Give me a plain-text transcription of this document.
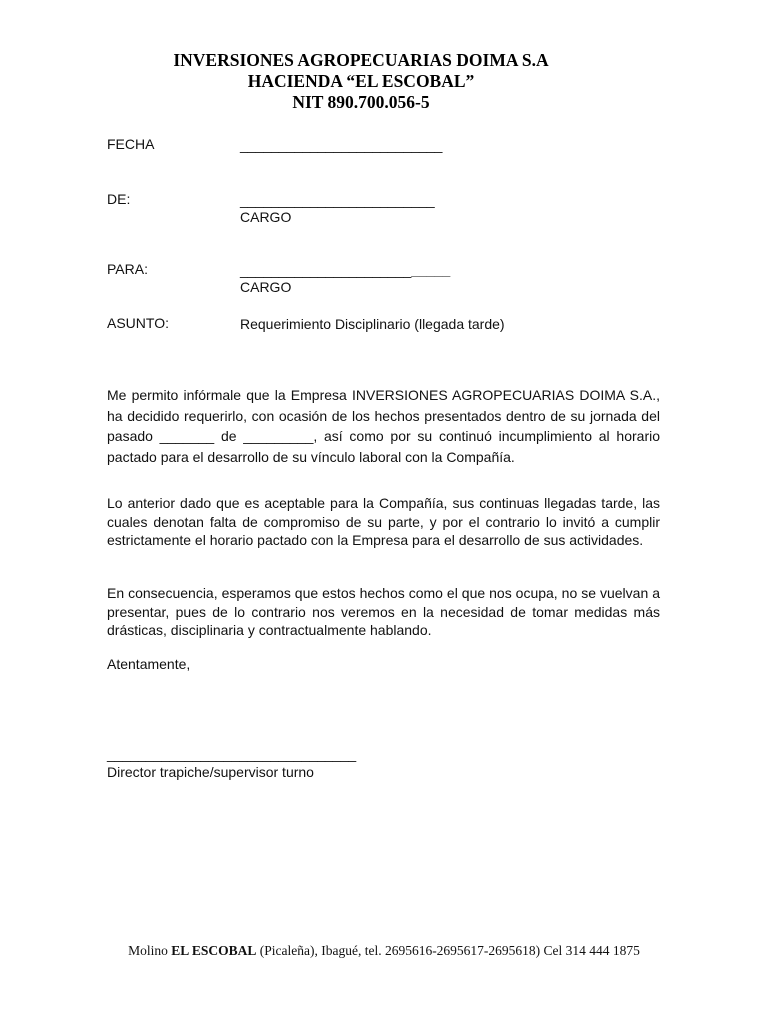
INVERSIONES AGROPECUARIAS DOIMA S.A
HACIENDA “EL ESCOBAL”
NIT 890.700.056-5
FECHA	__________________________
DE:	_________________________
CARGO
PARA:	___________________________
CARGO
ASUNTO:	Requerimiento Disciplinario (llegada tarde)

Me permito infórmale que la Empresa INVERSIONES AGROPECUARIAS DOIMA S.A., ha decidido requerirlo, con ocasión de los hechos presentados dentro de su jornada del pasado _______ de _________, así como por su continuó incumplimiento al horario pactado para el desarrollo de su vínculo laboral con la Compañía.

Lo anterior dado que es aceptable para la Compañía, sus continuas llegadas tarde, las cuales denotan falta de compromiso de su parte, y por el contrario lo invitó a cumplir estrictamente el horario pactado con la Empresa para el desarrollo de sus actividades.

En consecuencia, esperamos que estos hechos como el que nos ocupa, no se vuelvan a presentar, pues de lo contrario nos veremos en la necesidad de tomar medidas más drásticas, disciplinaria y contractualmente hablando.

Atentamente,
________________________________
Director trapiche/supervisor turno
Molino EL ESCOBAL (Picaleña), Ibagué, tel. 2695616-2695617-2695618) Cel 314 444 1875
